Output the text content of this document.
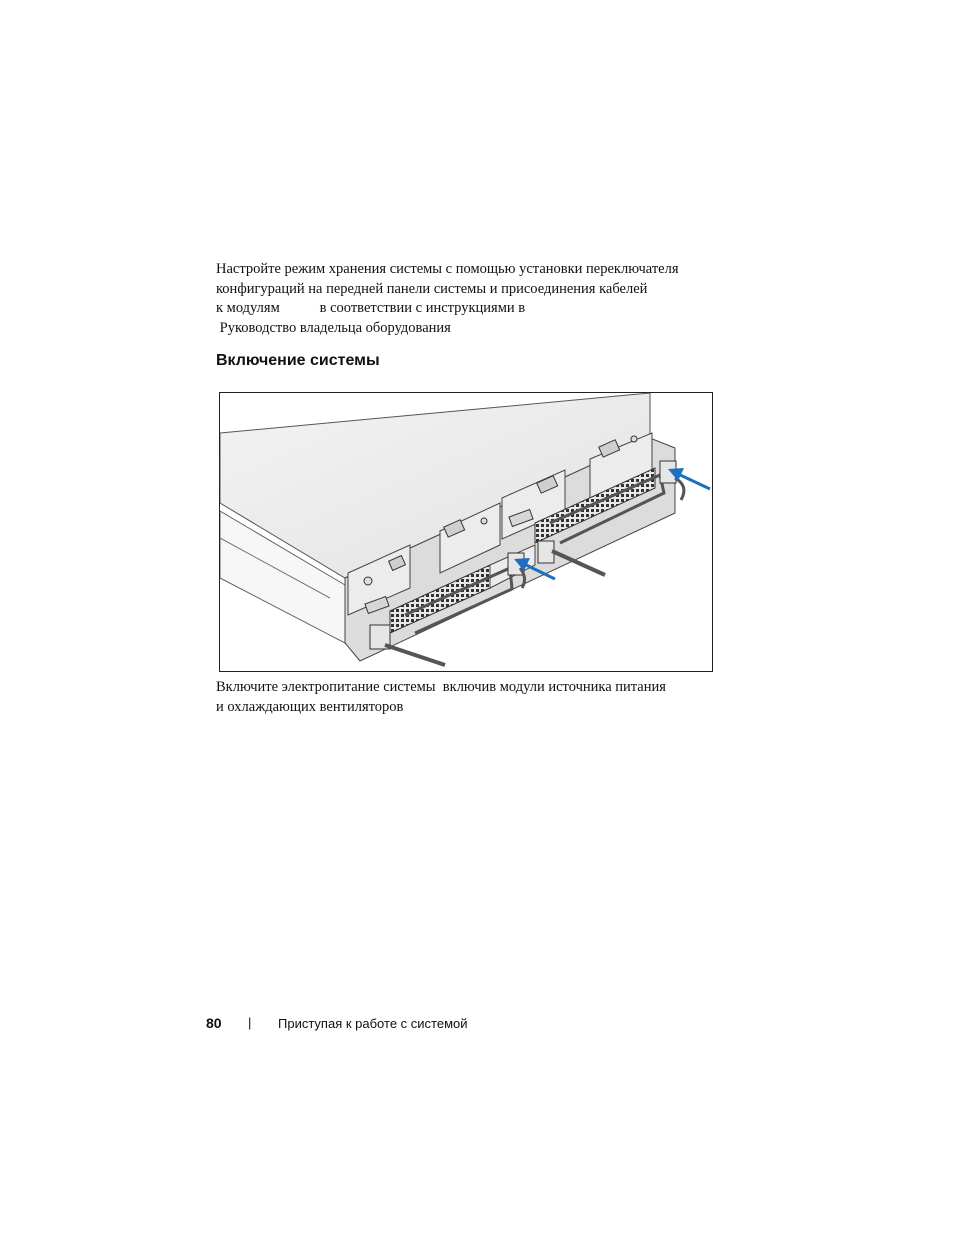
Настройте режим хранения системы с помощью установки переключателя
конфигураций на передней панели системы и присоединения кабелей
к модулям           в соответствии с инструкциями в
Руководство владельца оборудования

Включение системы

Включите электропитание системы  включив модули источника питания
и охлаждающих вентиляторов

80 | Приступая к работе с системой
